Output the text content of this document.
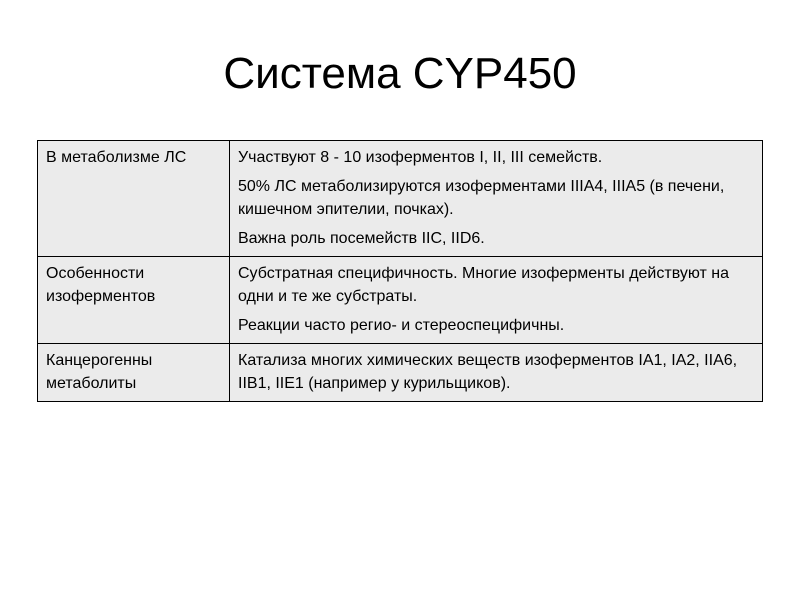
Система CYP450
В метаболизме ЛС	Участвуют 8 - 10 изоферментов I, II, III семейств.

50% ЛС метаболизируются изоферментами IIIA4, IIIA5 (в печени, кишечном эпителии, почках).

Важна роль посемейств IIC, IID6.

Особенности изоферментов	Субстратная специфичность. Многие изоферменты действуют на одни и те же субстраты.

Реакции часто регио- и стереоспецифичны.

Канцерогенны метаболиты	Катализа многих химических веществ изоферментов IA1, IA2, IIA6, IIB1, IIE1 (например у курильщиков).
